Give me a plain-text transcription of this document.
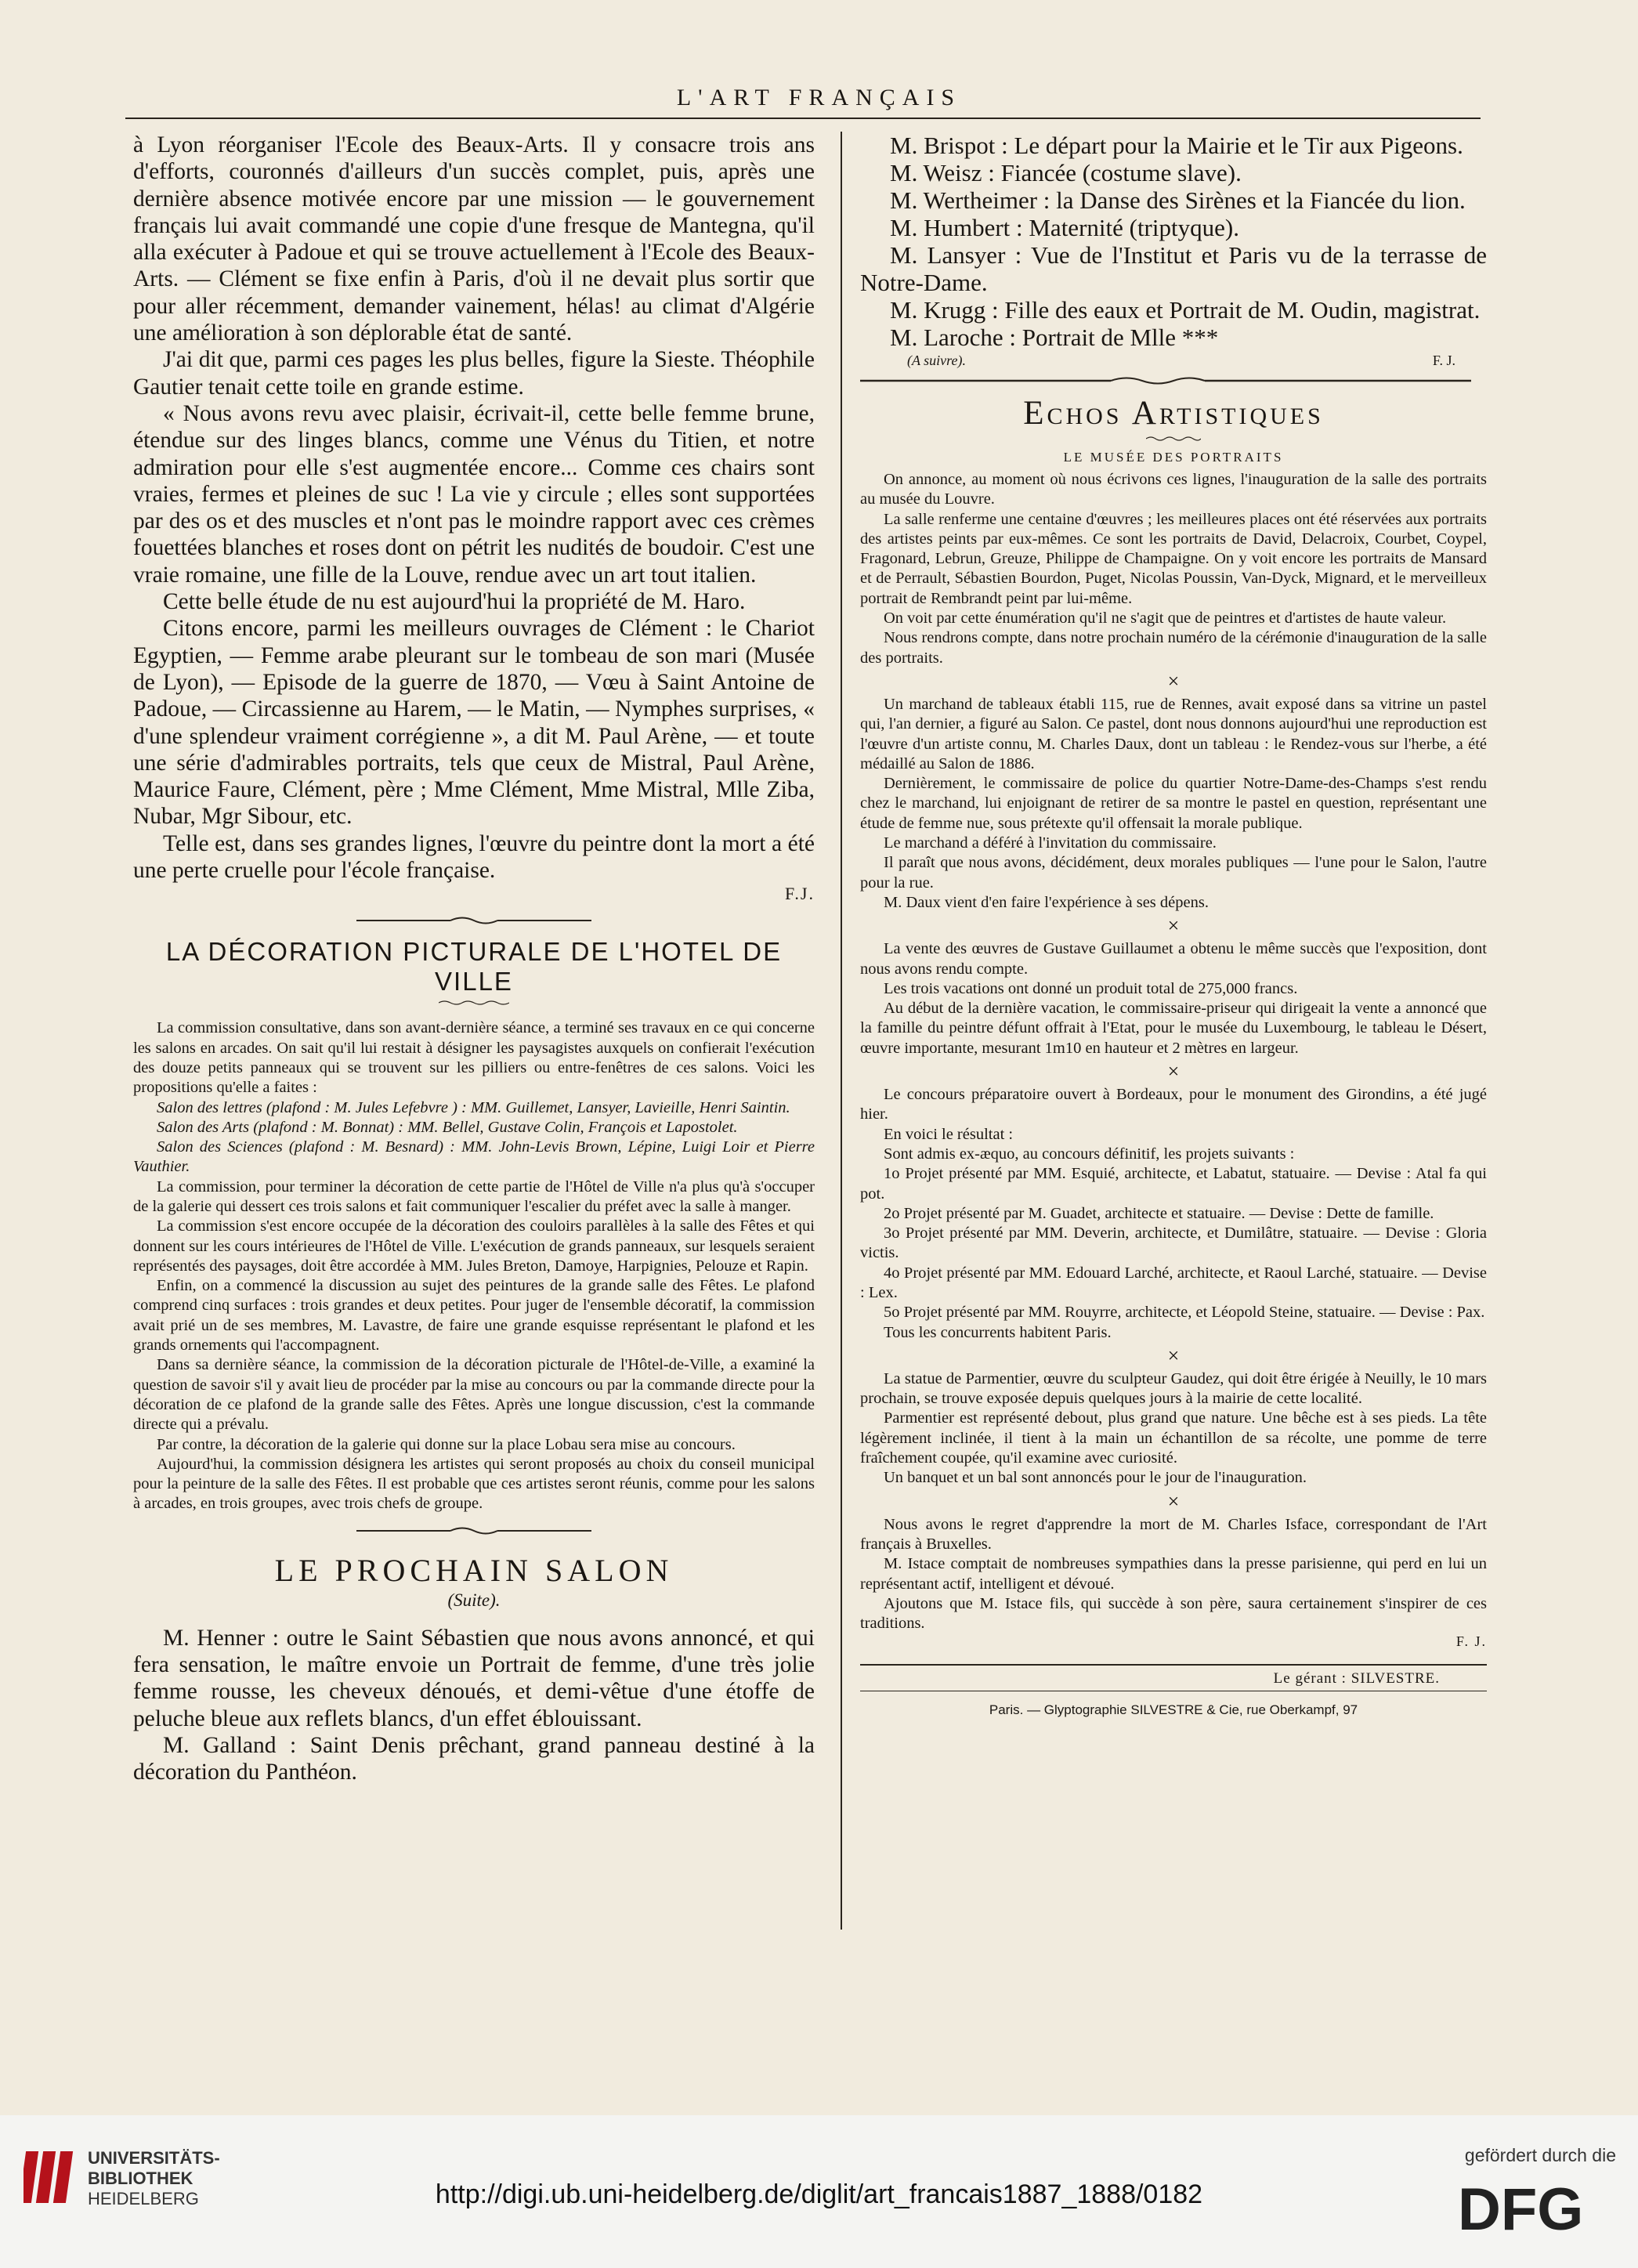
L'ART FRANÇAIS

à Lyon réorganiser l'Ecole des Beaux-Arts. Il y consacre trois ans d'efforts, couronnés d'ailleurs d'un succès complet, puis, après une dernière absence motivée encore par une mission — le gouvernement français lui avait commandé une copie d'une fresque de Mantegna, qu'il alla exécuter à Padoue et qui se trouve actuellement à l'Ecole des Beaux-Arts. — Clément se fixe enfin à Paris, d'où il ne devait plus sortir que pour aller récemment, demander vainement, hélas! au climat d'Algérie une amélioration à son déplorable état de santé.

J'ai dit que, parmi ces pages les plus belles, figure la Sieste. Théophile Gautier tenait cette toile en grande estime.

« Nous avons revu avec plaisir, écrivait-il, cette belle femme brune, étendue sur des linges blancs, comme une Vénus du Titien, et notre admiration pour elle s'est augmentée encore... Comme ces chairs sont vraies, fermes et pleines de suc ! La vie y circule ; elles sont supportées par des os et des muscles et n'ont pas le moindre rapport avec ces crèmes fouettées blanches et roses dont on pétrit les nudités de boudoir. C'est une vraie romaine, une fille de la Louve, rendue avec un art tout italien.

Cette belle étude de nu est aujourd'hui la propriété de M. Haro.

Citons encore, parmi les meilleurs ouvrages de Clément : le Chariot Egyptien, — Femme arabe pleurant sur le tombeau de son mari (Musée de Lyon), — Episode de la guerre de 1870, — Vœu à Saint Antoine de Padoue, — Circassienne au Harem, — le Matin, — Nymphes surprises, « d'une splendeur vraiment corrégienne », a dit M. Paul Arène, — et toute une série d'admirables portraits, tels que ceux de Mistral, Paul Arène, Maurice Faure, Clément, père ; Mme Clément, Mme Mistral, Mlle Ziba, Nubar, Mgr Sibour, etc.

Telle est, dans ses grandes lignes, l'œuvre du peintre dont la mort a été une perte cruelle pour l'école française.

F.J.
LA DÉCORATION PICTURALE DE L'HOTEL DE VILLE

La commission consultative, dans son avant-dernière séance, a terminé ses travaux en ce qui concerne les salons en arcades. On sait qu'il lui restait à désigner les paysagistes auxquels on confierait l'exécution des douze petits panneaux qui se trouvent sur les pilliers ou entre-fenêtres de ces salons. Voici les propositions qu'elle a faites :

Salon des lettres (plafond : M. Jules Lefebvre ) : MM. Guillemet, Lansyer, Lavieille, Henri Saintin.

Salon des Arts (plafond : M. Bonnat) : MM. Bellel, Gustave Colin, François et Lapostolet.

Salon des Sciences (plafond : M. Besnard) : MM. John-Levis Brown, Lépine, Luigi Loir et Pierre Vauthier.

La commission, pour terminer la décoration de cette partie de l'Hôtel de Ville n'a plus qu'à s'occuper de la galerie qui dessert ces trois salons et fait communiquer l'escalier du préfet avec la salle à manger.

La commission s'est encore occupée de la décoration des couloirs parallèles à la salle des Fêtes et qui donnent sur les cours intérieures de l'Hôtel de Ville. L'exécution de grands panneaux, sur lesquels seraient représentés des paysages, doit être accordée à MM. Jules Breton, Damoye, Harpignies, Pelouze et Rapin.

Enfin, on a commencé la discussion au sujet des peintures de la grande salle des Fêtes. Le plafond comprend cinq surfaces : trois grandes et deux petites. Pour juger de l'ensemble décoratif, la commission avait prié un de ses membres, M. Lavastre, de faire une grande esquisse représentant le plafond et les grands ornements qui l'accompagnent.

Dans sa dernière séance, la commission de la décoration picturale de l'Hôtel-de-Ville, a examiné la question de savoir s'il y avait lieu de procéder par la mise au concours ou par la commande directe pour la décoration de ce plafond de la grande salle des Fêtes. Après une longue discussion, c'est la commande directe qui a prévalu.

Par contre, la décoration de la galerie qui donne sur la place Lobau sera mise au concours.

Aujourd'hui, la commission désignera les artistes qui seront proposés au choix du conseil municipal pour la peinture de la salle des Fêtes. Il est probable que ces artistes seront réunis, comme pour les salons à arcades, en trois groupes, avec trois chefs de groupe.

LE PROCHAIN SALON
(Suite).

M. Henner : outre le Saint Sébastien que nous avons annoncé, et qui fera sensation, le maître envoie un Portrait de femme, d'une très jolie femme rousse, les cheveux dénoués, et demi-vêtue d'une étoffe de peluche bleue aux reflets blancs, d'un effet éblouissant.

M. Galland : Saint Denis prêchant, grand panneau destiné à la décoration du Panthéon.

M. Brispot : Le départ pour la Mairie et le Tir aux Pigeons.

M. Weisz : Fiancée (costume slave).

M. Wertheimer : la Danse des Sirènes et la Fiancée du lion.

M. Humbert : Maternité (triptyque).

M. Lansyer : Vue de l'Institut et Paris vu de la terrasse de Notre-Dame.

M. Krugg : Fille des eaux et Portrait de M. Oudin, magistrat.

M. Laroche : Portrait de Mlle ***

(A suivre).	F. J.
Echos Artistiques
LE MUSÉE DES PORTRAITS

On annonce, au moment où nous écrivons ces lignes, l'inauguration de la salle des portraits au musée du Louvre.

La salle renferme une centaine d'œuvres ; les meilleures places ont été réservées aux portraits des artistes peints par eux-mêmes. Ce sont les portraits de David, Delacroix, Courbet, Coypel, Fragonard, Lebrun, Greuze, Philippe de Champaigne. On y voit encore les portraits de Mansard et de Perrault, Sébastien Bourdon, Puget, Nicolas Poussin, Van-Dyck, Mignard, et le merveilleux portrait de Rembrandt peint par lui-même.

On voit par cette énumération qu'il ne s'agit que de peintres et d'artistes de haute valeur.

Nous rendrons compte, dans notre prochain numéro de la cérémonie d'inauguration de la salle des portraits.

×

Un marchand de tableaux établi 115, rue de Rennes, avait exposé dans sa vitrine un pastel qui, l'an dernier, a figuré au Salon. Ce pastel, dont nous donnons aujourd'hui une reproduction est l'œuvre d'un artiste connu, M. Charles Daux, dont un tableau : le Rendez-vous sur l'herbe, a été médaillé au Salon de 1886.

Dernièrement, le commissaire de police du quartier Notre-Dame-des-Champs s'est rendu chez le marchand, lui enjoignant de retirer de sa montre le pastel en question, représentant une étude de femme nue, sous prétexte qu'il offensait la morale publique.

Le marchand a déféré à l'invitation du commissaire.

Il paraît que nous avons, décidément, deux morales publiques — l'une pour le Salon, l'autre pour la rue.

M. Daux vient d'en faire l'expérience à ses dépens.

×

La vente des œuvres de Gustave Guillaumet a obtenu le même succès que l'exposition, dont nous avons rendu compte.

Les trois vacations ont donné un produit total de 275,000 francs.

Au début de la dernière vacation, le commissaire-priseur qui dirigeait la vente a annoncé que la famille du peintre défunt offrait à l'Etat, pour le musée du Luxembourg, le tableau le Désert, œuvre importante, mesurant 1m10 en hauteur et 2 mètres en largeur.

×

Le concours préparatoire ouvert à Bordeaux, pour le monument des Girondins, a été jugé hier.

En voici le résultat :

Sont admis ex-æquo, au concours définitif, les projets suivants :

1o Projet présenté par MM. Esquié, architecte, et Labatut, statuaire. — Devise : Atal fa qui pot.

2o Projet présenté par M. Guadet, architecte et statuaire. — Devise : Dette de famille.

3o Projet présenté par MM. Deverin, architecte, et Dumilâtre, statuaire. — Devise : Gloria victis.

4o Projet présenté par MM. Edouard Larché, architecte, et Raoul Larché, statuaire. — Devise : Lex.

5o Projet présenté par MM. Rouyrre, architecte, et Léopold Steine, statuaire. — Devise : Pax.

Tous les concurrents habitent Paris.

×

La statue de Parmentier, œuvre du sculpteur Gaudez, qui doit être érigée à Neuilly, le 10 mars prochain, se trouve exposée depuis quelques jours à la mairie de cette localité.

Parmentier est représenté debout, plus grand que nature. Une bêche est à ses pieds. La tête légèrement inclinée, il tient à la main un échantillon de sa récolte, une pomme de terre fraîchement coupée, qu'il examine avec curiosité.

Un banquet et un bal sont annoncés pour le jour de l'inauguration.

×

Nous avons le regret d'apprendre la mort de M. Charles Isface, correspondant de l'Art français à Bruxelles.

M. Istace comptait de nombreuses sympathies dans la presse parisienne, qui perd en lui un représentant actif, intelligent et dévoué.

Ajoutons que M. Istace fils, qui succède à son père, saura certainement s'inspirer de ces traditions.

F. J.
Le gérant : SILVESTRE.
Paris. — Glyptographie SILVESTRE & Cie, rue Oberkampf, 97
UNIVERSITÄTS-
BIBLIOTHEK
HEIDELBERG	http://digi.ub.uni-heidelberg.de/diglit/art_francais1887_1888/0182
gefördert durch die
DFG
